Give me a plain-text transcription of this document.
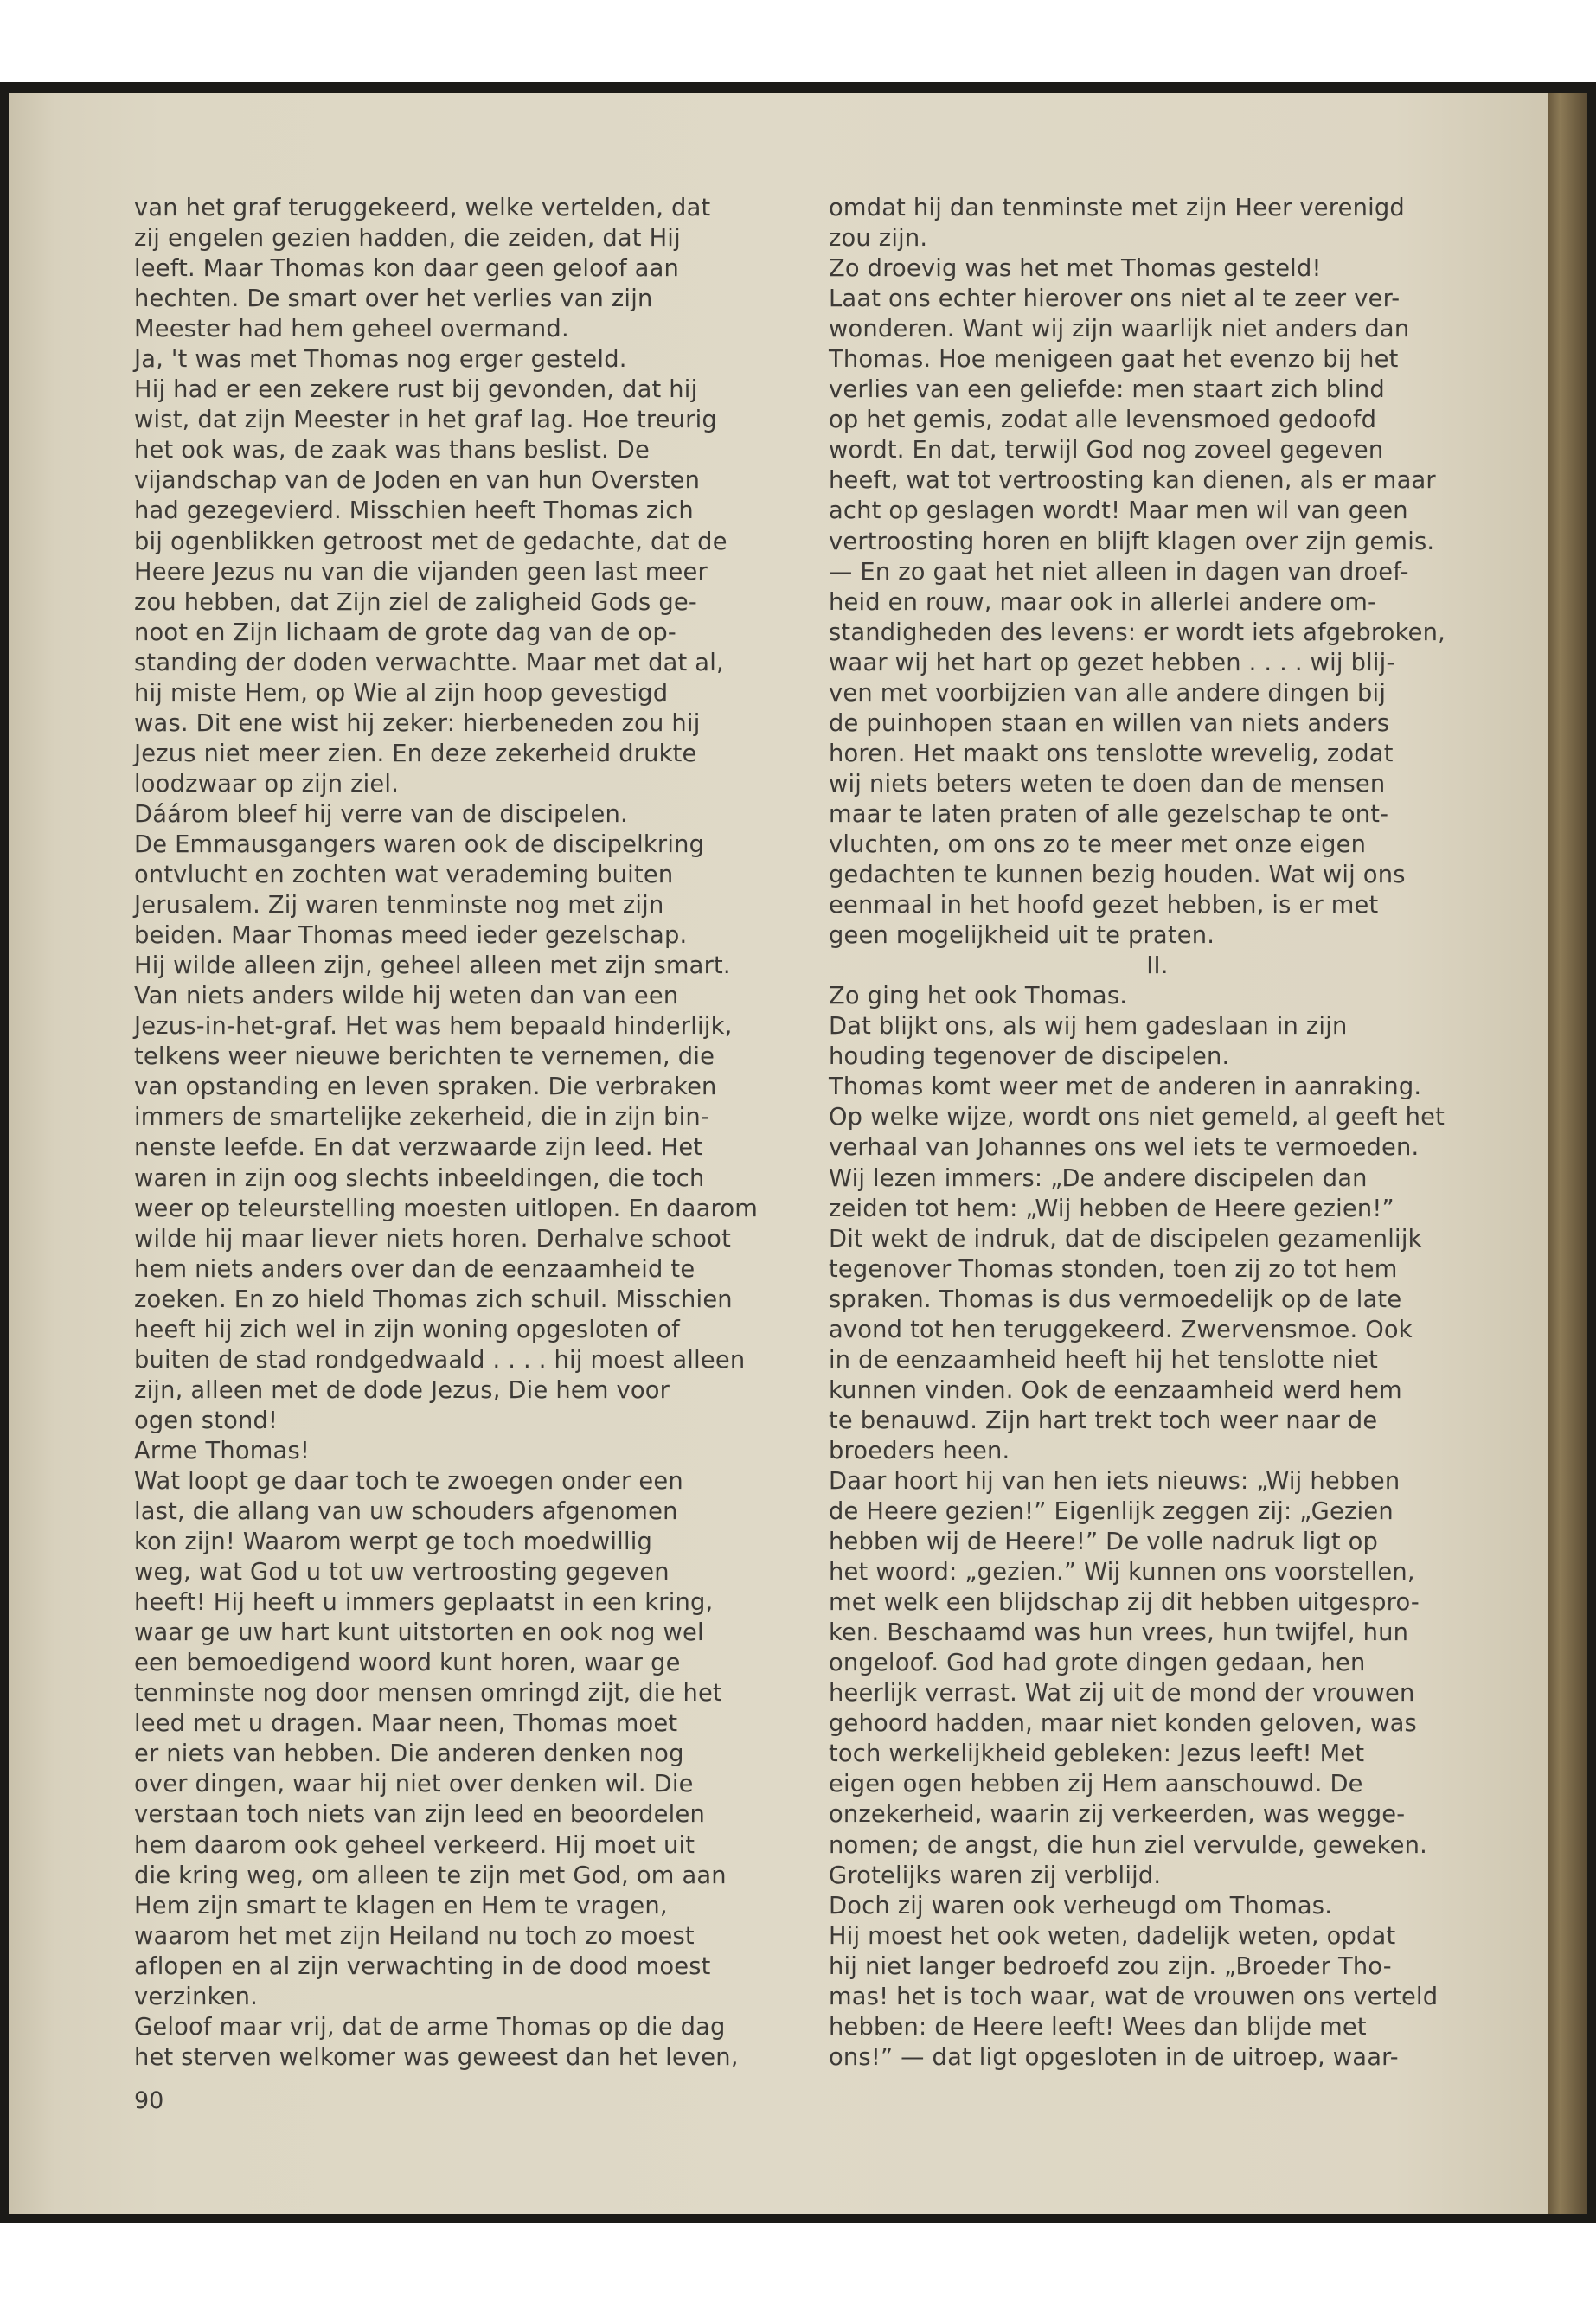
van het graf teruggekeerd, welke vertelden, dat

zij engelen gezien hadden, die zeiden, dat Hij

leeft. Maar Thomas kon daar geen geloof aan

hechten. De smart over het verlies van zijn

Meester had hem geheel overmand.

Ja, 't was met Thomas nog erger gesteld.

Hij had er een zekere rust bij gevonden, dat hij

wist, dat zijn Meester in het graf lag. Hoe treurig

het ook was, de zaak was thans beslist. De

vijandschap van de Joden en van hun Oversten

had gezegevierd. Misschien heeft Thomas zich

bij ogenblikken getroost met de gedachte, dat de

Heere Jezus nu van die vijanden geen last meer

zou hebben, dat Zijn ziel de zaligheid Gods ge-

noot en Zijn lichaam de grote dag van de op-

standing der doden verwachtte. Maar met dat al,

hij miste Hem, op Wie al zijn hoop gevestigd

was. Dit ene wist hij zeker: hierbeneden zou hij

Jezus niet meer zien. En deze zekerheid drukte

loodzwaar op zijn ziel.

Dáárom bleef hij verre van de discipelen.

De Emmausgangers waren ook de discipelkring

ontvlucht en zochten wat verademing buiten

Jerusalem. Zij waren tenminste nog met zijn

beiden. Maar Thomas meed ieder gezelschap.

Hij wilde alleen zijn, geheel alleen met zijn smart.

Van niets anders wilde hij weten dan van een

Jezus-in-het-graf. Het was hem bepaald hinderlijk,

telkens weer nieuwe berichten te vernemen, die

van opstanding en leven spraken. Die verbraken

immers de smartelijke zekerheid, die in zijn bin-

nenste leefde. En dat verzwaarde zijn leed. Het

waren in zijn oog slechts inbeeldingen, die toch

weer op teleurstelling moesten uitlopen. En daarom

wilde hij maar liever niets horen. Derhalve schoot

hem niets anders over dan de eenzaamheid te

zoeken. En zo hield Thomas zich schuil. Misschien

heeft hij zich wel in zijn woning opgesloten of

buiten de stad rondgedwaald . . . . hij moest alleen

zijn, alleen met de dode Jezus, Die hem voor

ogen stond!

Arme Thomas!

Wat loopt ge daar toch te zwoegen onder een

last, die allang van uw schouders afgenomen

kon zijn! Waarom werpt ge toch moedwillig

weg, wat God u tot uw vertroosting gegeven

heeft! Hij heeft u immers geplaatst in een kring,

waar ge uw hart kunt uitstorten en ook nog wel

een bemoedigend woord kunt horen, waar ge

tenminste nog door mensen omringd zijt, die het

leed met u dragen. Maar neen, Thomas moet

er niets van hebben. Die anderen denken nog

over dingen, waar hij niet over denken wil. Die

verstaan toch niets van zijn leed en beoordelen

hem daarom ook geheel verkeerd. Hij moet uit

die kring weg, om alleen te zijn met God, om aan

Hem zijn smart te klagen en Hem te vragen,

waarom het met zijn Heiland nu toch zo moest

aflopen en al zijn verwachting in de dood moest

verzinken.

Geloof maar vrij, dat de arme Thomas op die dag

het sterven welkomer was geweest dan het leven,

omdat hij dan tenminste met zijn Heer verenigd

zou zijn.

Zo droevig was het met Thomas gesteld!

Laat ons echter hierover ons niet al te zeer ver-

wonderen. Want wij zijn waarlijk niet anders dan

Thomas. Hoe menigeen gaat het evenzo bij het

verlies van een geliefde: men staart zich blind

op het gemis, zodat alle levensmoed gedoofd

wordt. En dat, terwijl God nog zoveel gegeven

heeft, wat tot vertroosting kan dienen, als er maar

acht op geslagen wordt! Maar men wil van geen

vertroosting horen en blijft klagen over zijn gemis.

— En zo gaat het niet alleen in dagen van droef-

heid en rouw, maar ook in allerlei andere om-

standigheden des levens: er wordt iets afgebroken,

waar wij het hart op gezet hebben . . . . wij blij-

ven met voorbijzien van alle andere dingen bij

de puinhopen staan en willen van niets anders

horen. Het maakt ons tenslotte wrevelig, zodat

wij niets beters weten te doen dan de mensen

maar te laten praten of alle gezelschap te ont-

vluchten, om ons zo te meer met onze eigen

gedachten te kunnen bezig houden. Wat wij ons

eenmaal in het hoofd gezet hebben, is er met

geen mogelijkheid uit te praten.

II.

Zo ging het ook Thomas.

Dat blijkt ons, als wij hem gadeslaan in zijn

houding tegenover de discipelen.

Thomas komt weer met de anderen in aanraking.

Op welke wijze, wordt ons niet gemeld, al geeft het

verhaal van Johannes ons wel iets te vermoeden.

Wij lezen immers: „De andere discipelen dan

zeiden tot hem: „Wij hebben de Heere gezien!”

Dit wekt de indruk, dat de discipelen gezamenlijk

tegenover Thomas stonden, toen zij zo tot hem

spraken. Thomas is dus vermoedelijk op de late

avond tot hen teruggekeerd. Zwervensmoe. Ook

in de eenzaamheid heeft hij het tenslotte niet

kunnen vinden. Ook de eenzaamheid werd hem

te benauwd. Zijn hart trekt toch weer naar de

broeders heen.

Daar hoort hij van hen iets nieuws: „Wij hebben

de Heere gezien!” Eigenlijk zeggen zij: „Gezien

hebben wij de Heere!” De volle nadruk ligt op

het woord: „gezien.” Wij kunnen ons voorstellen,

met welk een blijdschap zij dit hebben uitgespro-

ken. Beschaamd was hun vrees, hun twijfel, hun

ongeloof. God had grote dingen gedaan, hen

heerlijk verrast. Wat zij uit de mond der vrouwen

gehoord hadden, maar niet konden geloven, was

toch werkelijkheid gebleken: Jezus leeft! Met

eigen ogen hebben zij Hem aanschouwd. De

onzekerheid, waarin zij verkeerden, was wegge-

nomen; de angst, die hun ziel vervulde, geweken.

Grotelijks waren zij verblijd.

Doch zij waren ook verheugd om Thomas.

Hij moest het ook weten, dadelijk weten, opdat

hij niet langer bedroefd zou zijn. „Broeder Tho-

mas! het is toch waar, wat de vrouwen ons verteld

hebben: de Heere leeft! Wees dan blijde met

ons!” — dat ligt opgesloten in de uitroep, waar-

90
